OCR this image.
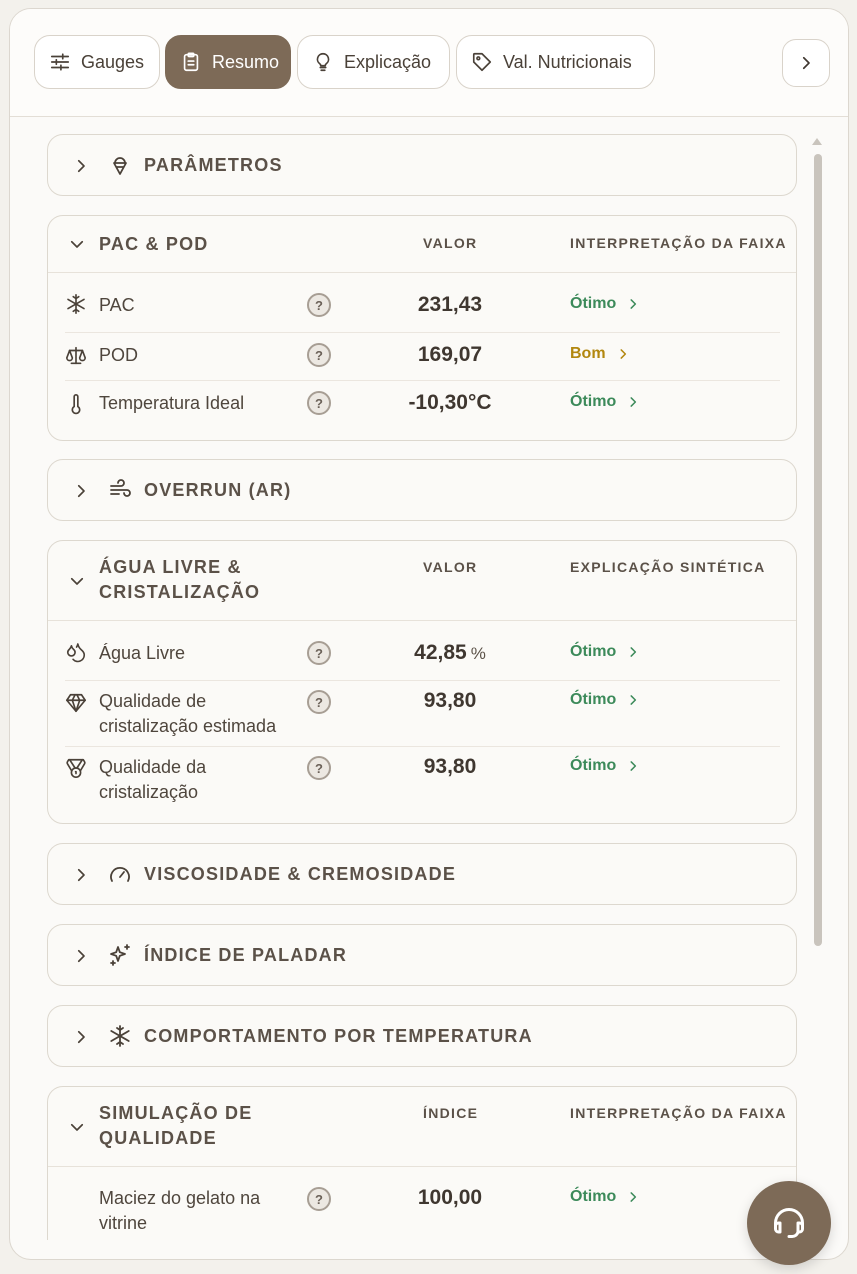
Gauges	Resumo	Explicação	Val. Nutricionais
PARÂMETROS
PAC & POD	VALOR	INTERPRETAÇÃO DA FAIXA
PAC	?	231,43	Ótimo
POD	?	169,07	Bom
Temperatura Ideal	?	-10,30°C	Ótimo
OVERRUN (AR)
ÁGUA LIVRE &
CRISTALIZAÇÃO
VALOR	EXPLICAÇÃO SINTÉTICA
Água Livre	?	42,85 %	Ótimo
Qualidade de
cristalização estimada
?	93,80	Ótimo
Qualidade da
cristalização
?	93,80	Ótimo
VISCOSIDADE & CREMOSIDADE
ÍNDICE DE PALADAR
COMPORTAMENTO POR TEMPERATURA
SIMULAÇÃO DE
QUALIDADE
ÍNDICE	INTERPRETAÇÃO DA FAIXA
Maciez do gelato na
vitrine
?	100,00	Ótimo
